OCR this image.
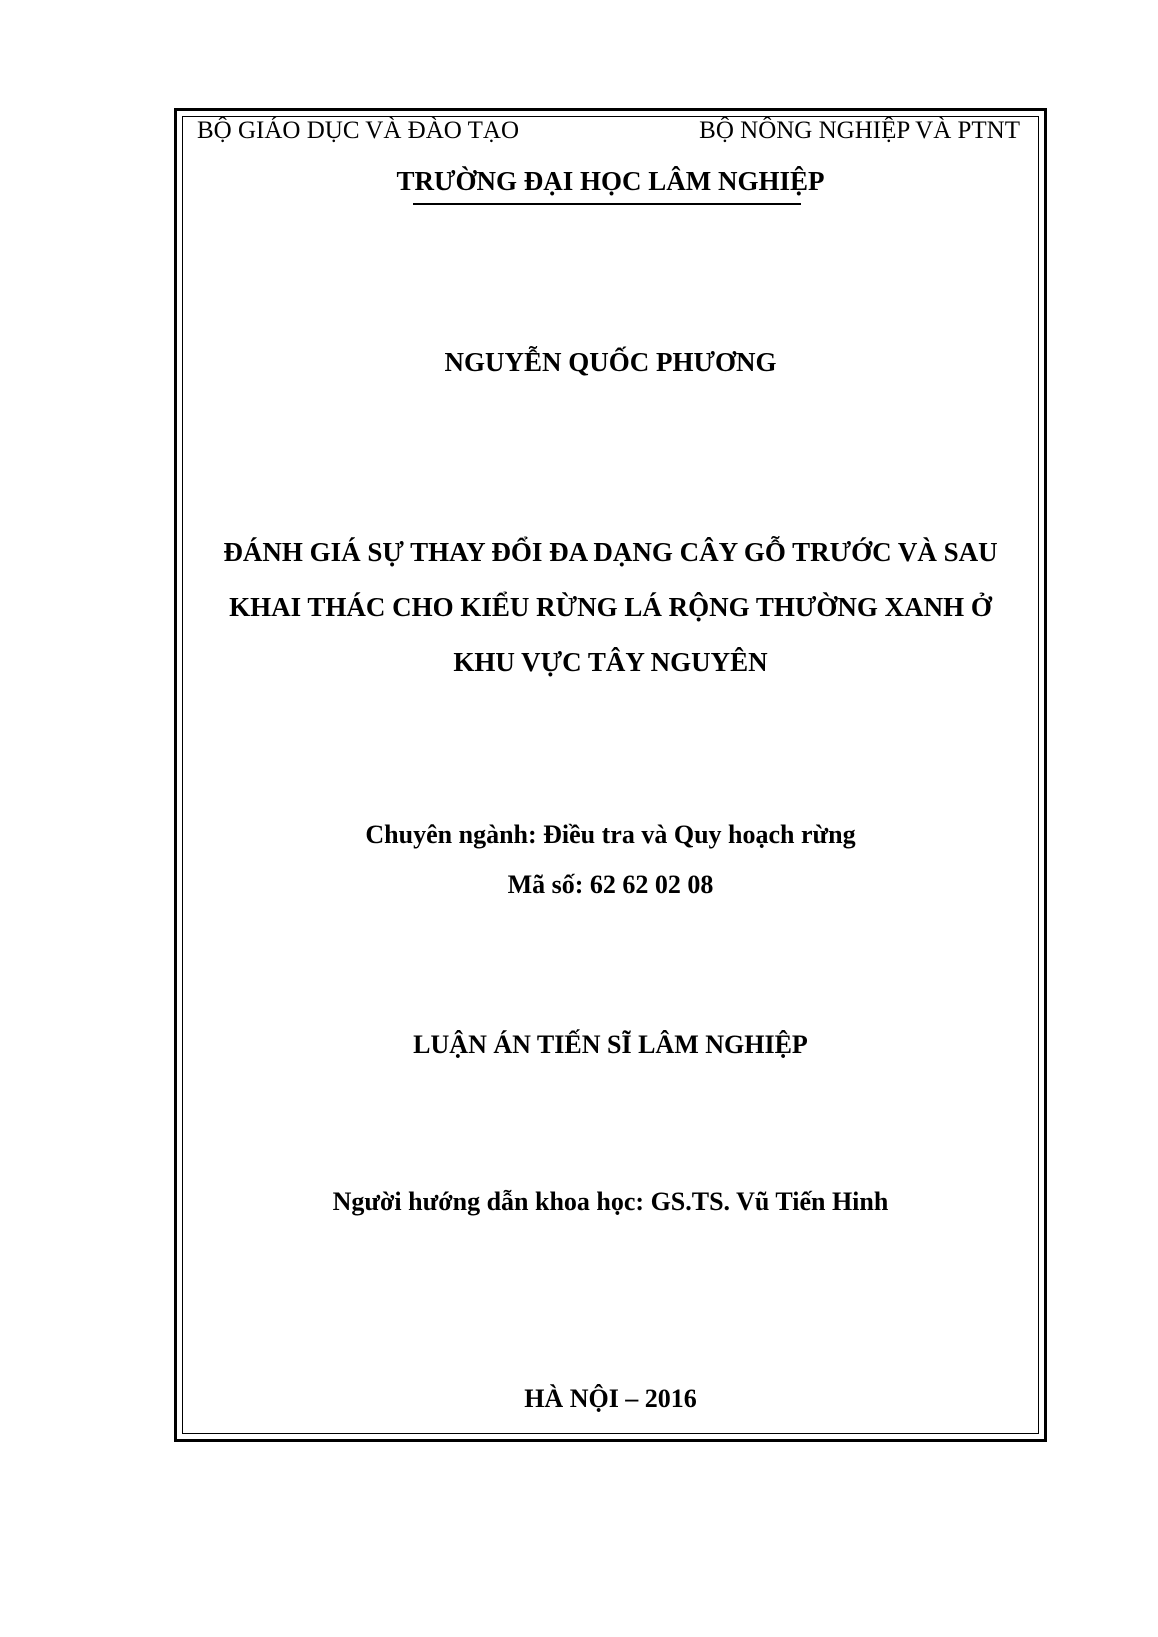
BỘ GIÁO DỤC VÀ ĐÀO TẠO	BỘ NÔNG NGHIỆP VÀ PTNT
TRƯỜNG ĐẠI HỌC LÂM NGHIỆP
NGUYỄN QUỐC PHƯƠNG
ĐÁNH GIÁ SỰ THAY ĐỔI ĐA DẠNG CÂY GỖ TRƯỚC VÀ SAU
KHAI THÁC CHO KIỂU RỪNG LÁ RỘNG THƯỜNG XANH Ở
KHU VỰC TÂY NGUYÊN
Chuyên ngành: Điều tra và Quy hoạch rừng
Mã số: 62 62 02 08
LUẬN ÁN TIẾN SĨ LÂM NGHIỆP
Người hướng dẫn khoa học: GS.TS. Vũ Tiến Hinh
HÀ NỘI – 2016
